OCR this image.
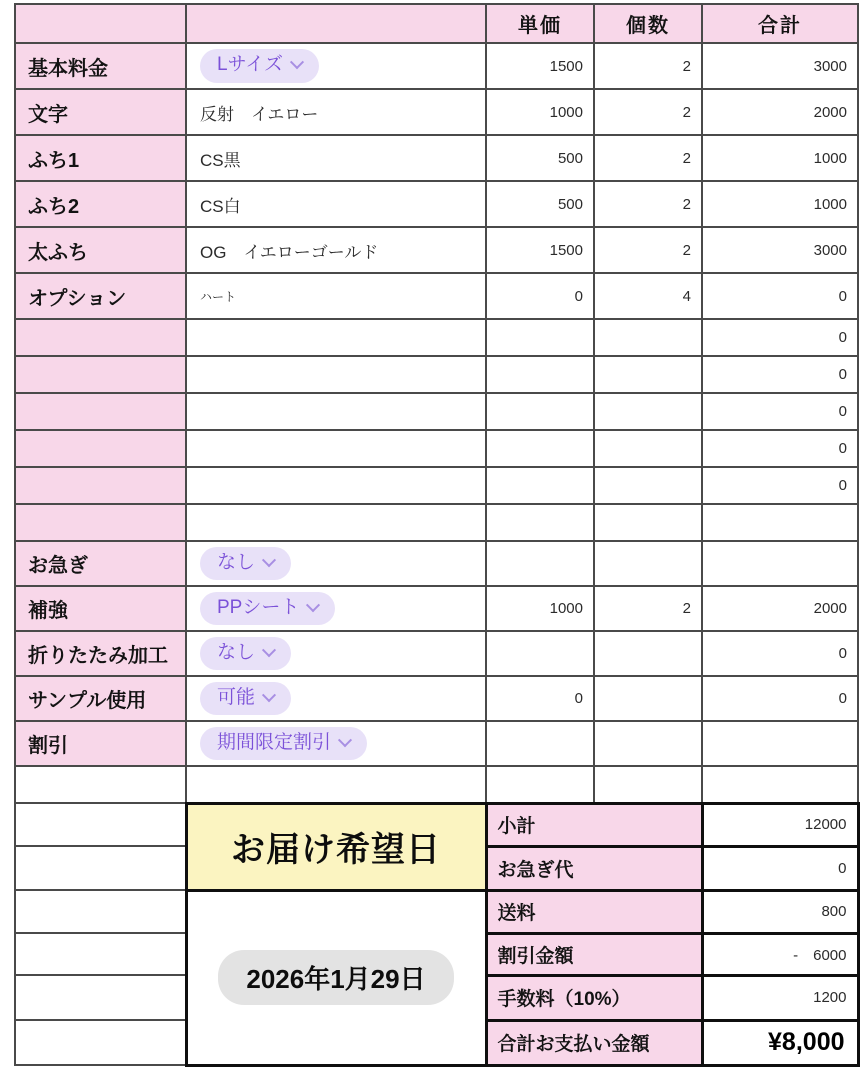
		単価	個数	合計
基本料金	Lサイズ	1500	2	3000
文字	反射　イエロー	1000	2	2000
ふち1	CS黒	500	2	1000
ふち2	CS白	500	2	1000
太ふち	OG　イエローゴールド	1500	2	3000
オプション	ハート	0	4	0
				0
				0
				0
				0
				0

お急ぎ	なし			

補強	PPシート	1000	2	2000
折りたたみ加工	なし			0
サンプル使用	可能	0		0
割引	期間限定割引			

	お届け希望日	小計		12000
		お急ぎ代		0
	2026年1月29日	送料		800
		割引金額		-　6000
		手数料（10%）		1200
		合計お支払い金額		¥8,000
